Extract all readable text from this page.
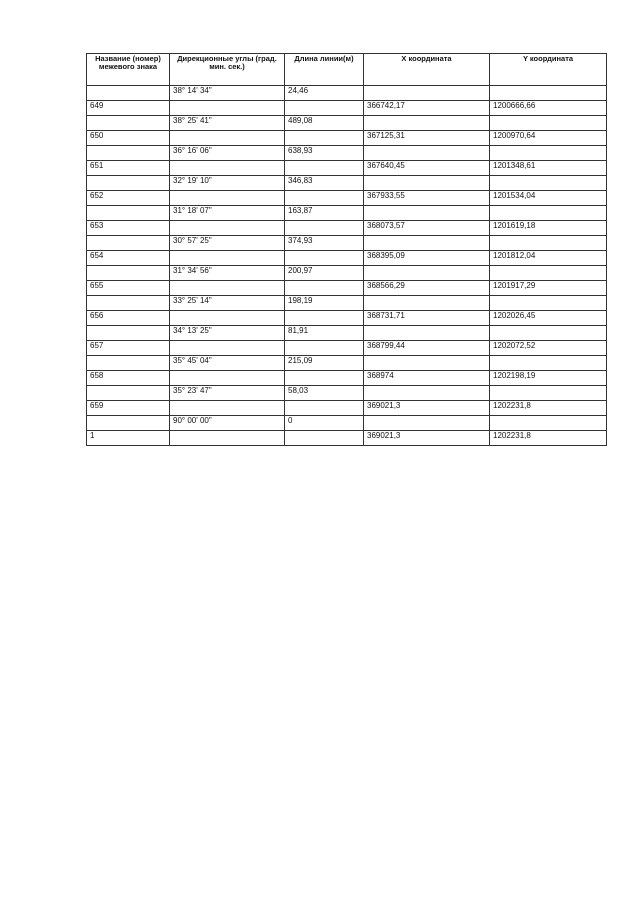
Название (номер) межевого знака	Дирекционные углы (град. мин. сек.)	Длина линии(м)	X координата	Y координата
	38° 14' 34"	24,46		
649			366742,17	1200666,66
	38° 25' 41"	489,08		
650			367125,31	1200970,64
	36° 16' 06"	638,93		
651			367640,45	1201348,61
	32° 19' 10"	346,83		
652			367933,55	1201534,04
	31° 18' 07"	163,87		
653			368073,57	1201619,18
	30° 57' 25"	374,93		
654			368395,09	1201812,04
	31° 34' 56"	200,97		
655			368566,29	1201917,29
	33° 25' 14"	198,19		
656			368731,71	1202026,45
	34° 13' 25"	81,91		
657			368799,44	1202072,52
	35° 45' 04"	215,09		
658			368974	1202198,19
	35° 23' 47"	58,03		
659			369021,3	1202231,8
	90° 00' 00"	0		
1			369021,3	1202231,8
